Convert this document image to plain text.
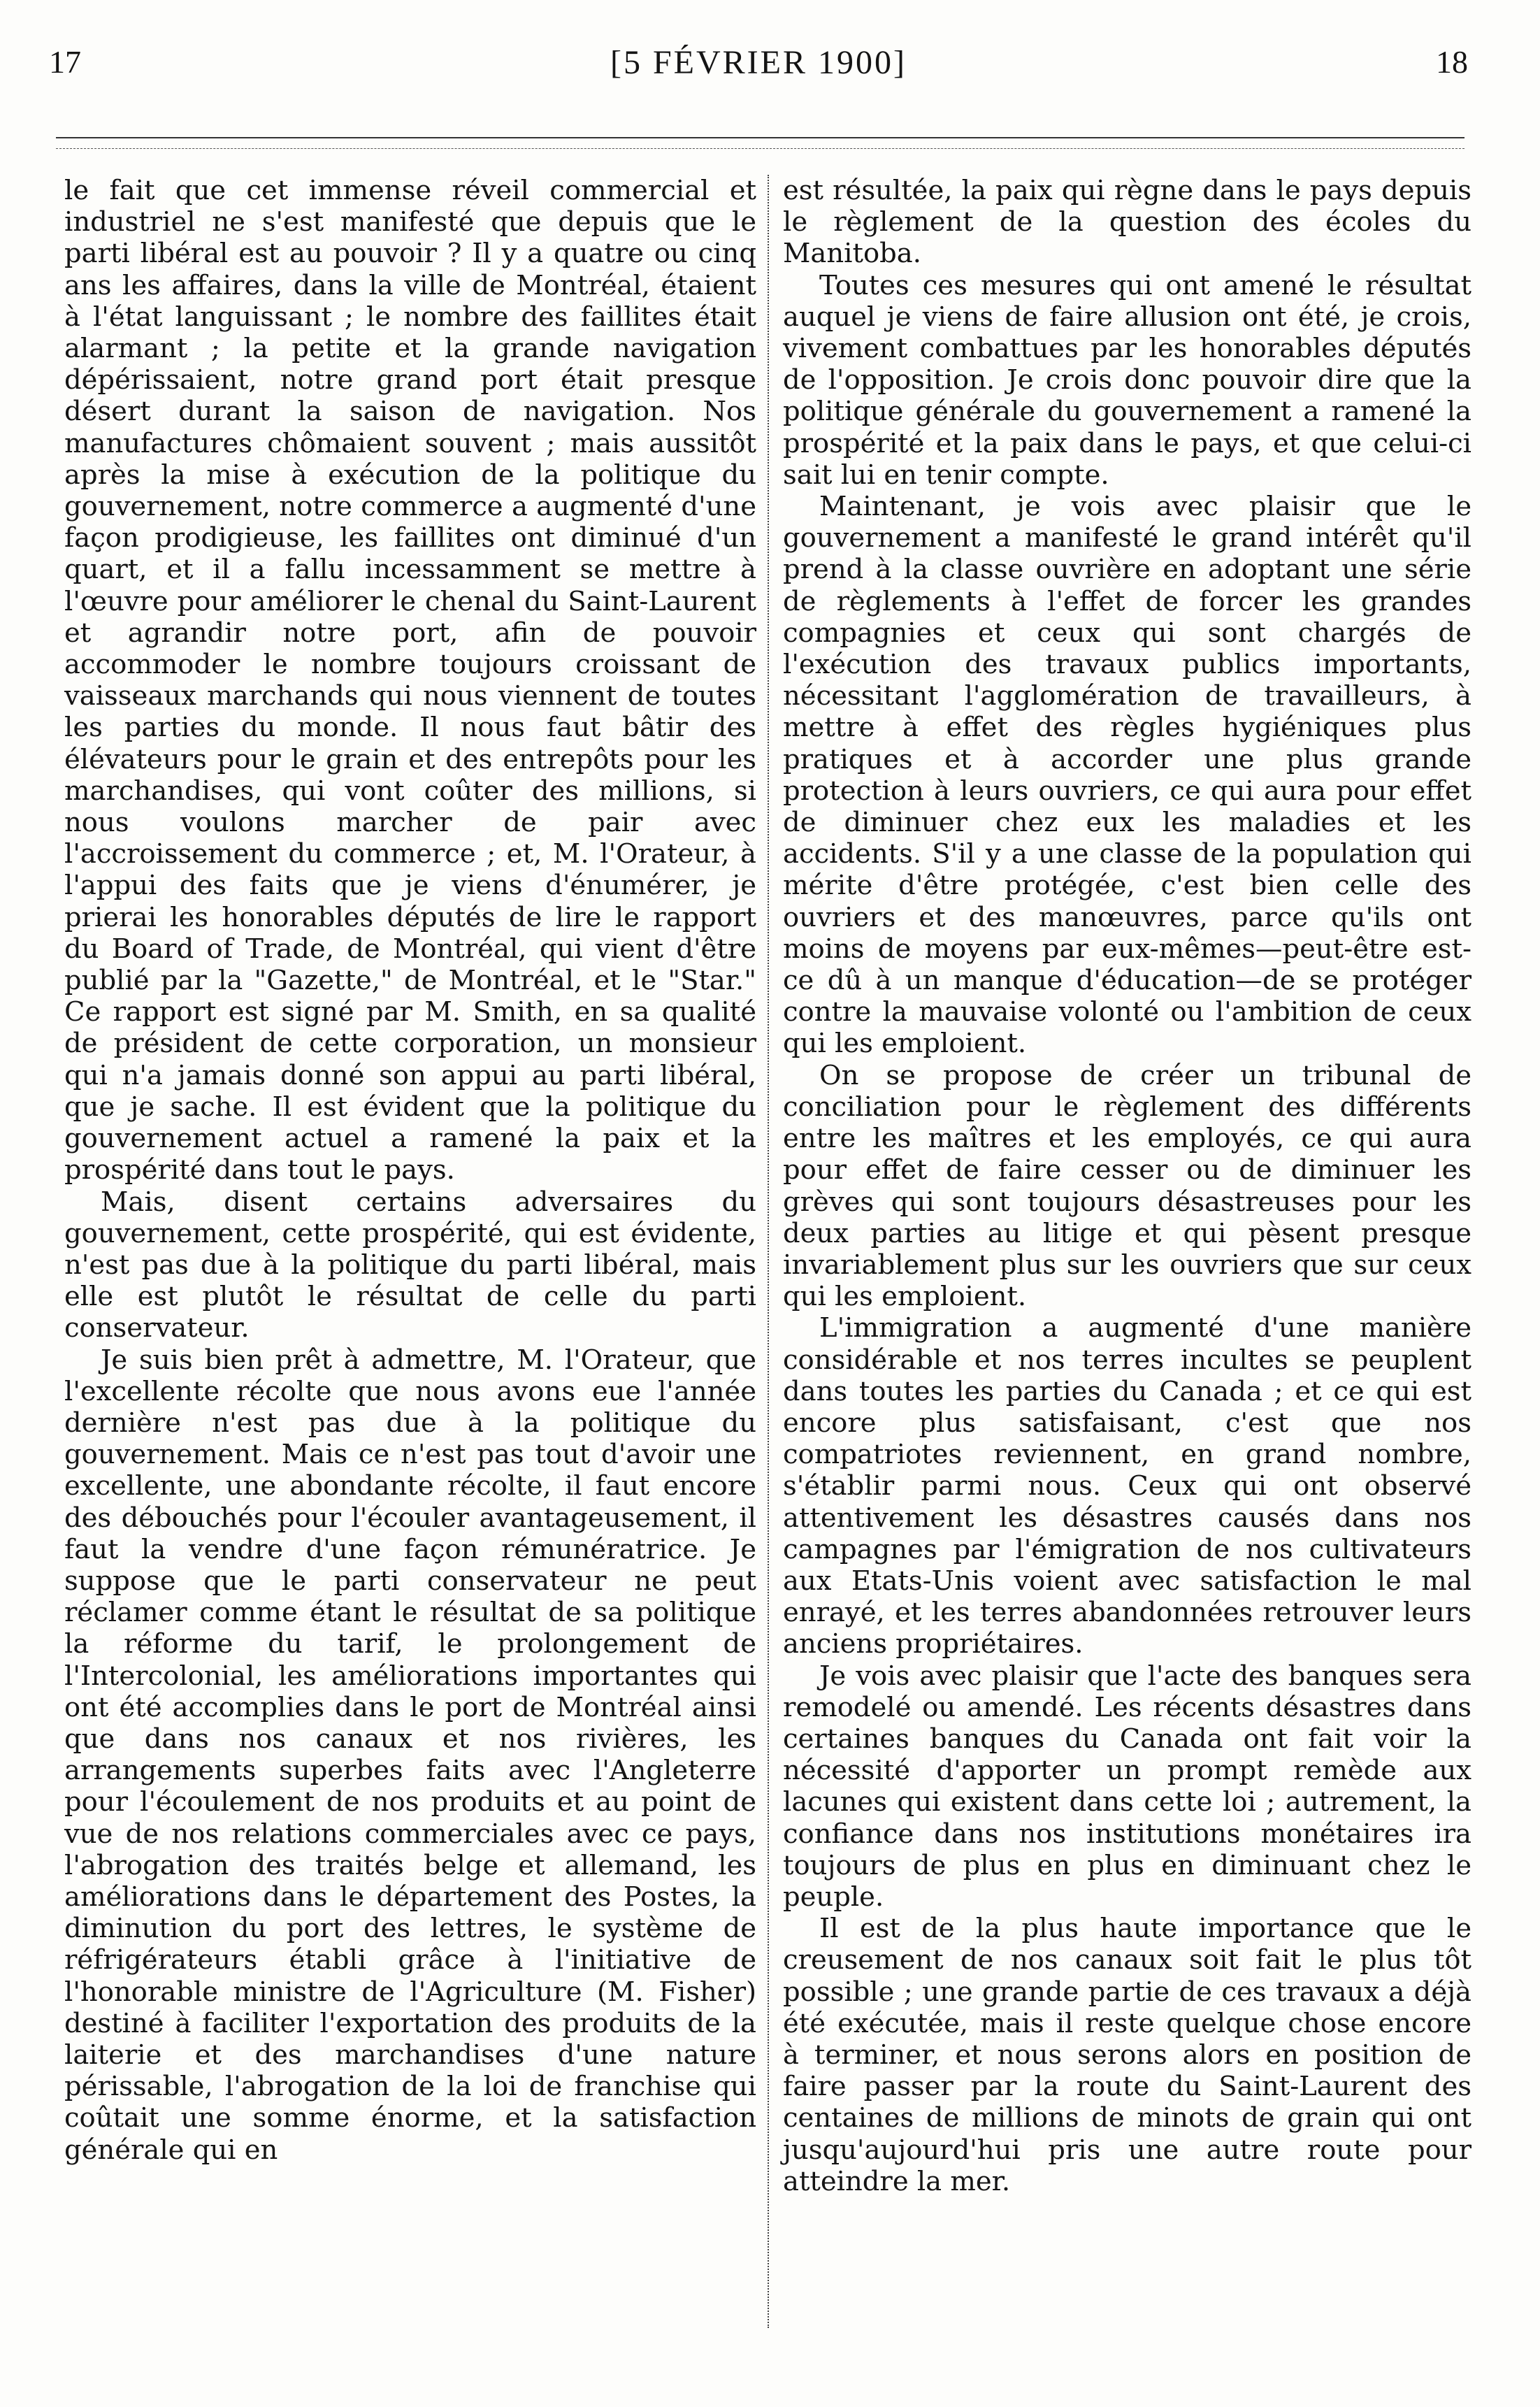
17	[5 FÉVRIER 1900]	18

le fait que cet immense réveil commercial et industriel ne s'est manifesté que depuis que le parti libéral est au pouvoir ? Il y a quatre ou cinq ans les affaires, dans la ville de Montréal, étaient à l'état languissant ; le nombre des faillites était alarmant ; la petite et la grande navigation dépérissaient, notre grand port était presque désert durant la saison de navigation. Nos manufactures chômaient souvent ; mais aussitôt après la mise à exécution de la politique du gouvernement, notre commerce a augmenté d'une façon prodigieuse, les faillites ont diminué d'un quart, et il a fallu incessamment se mettre à l'œuvre pour améliorer le chenal du Saint-Laurent et agrandir notre port, afin de pouvoir accommoder le nombre toujours croissant de vaisseaux marchands qui nous viennent de toutes les parties du monde. Il nous faut bâtir des élévateurs pour le grain et des entrepôts pour les marchandises, qui vont coûter des millions, si nous voulons marcher de pair avec l'accroissement du commerce ; et, M. l'Orateur, à l'appui des faits que je viens d'énumérer, je prierai les honorables députés de lire le rapport du Board of Trade, de Montréal, qui vient d'être publié par la "Gazette," de Montréal, et le "Star." Ce rapport est signé par M. Smith, en sa qualité de président de cette corporation, un monsieur qui n'a jamais donné son appui au parti libéral, que je sache. Il est évident que la politique du gouvernement actuel a ramené la paix et la prospérité dans tout le pays.

Mais, disent certains adversaires du gouvernement, cette prospérité, qui est évidente, n'est pas due à la politique du parti libéral, mais elle est plutôt le résultat de celle du parti conservateur.

Je suis bien prêt à admettre, M. l'Orateur, que l'excellente récolte que nous avons eue l'année dernière n'est pas due à la politique du gouvernement. Mais ce n'est pas tout d'avoir une excellente, une abondante récolte, il faut encore des débouchés pour l'écouler avantageusement, il faut la vendre d'une façon rémunératrice. Je suppose que le parti conservateur ne peut réclamer comme étant le résultat de sa politique la réforme du tarif, le prolongement de l'Intercolonial, les améliorations importantes qui ont été accomplies dans le port de Montréal ainsi que dans nos canaux et nos rivières, les arrangements superbes faits avec l'Angleterre pour l'écoulement de nos produits et au point de vue de nos relations commerciales avec ce pays, l'abrogation des traités belge et allemand, les améliorations dans le département des Postes, la diminution du port des lettres, le système de réfrigérateurs établi grâce à l'initiative de l'honorable ministre de l'Agriculture (M. Fisher) destiné à faciliter l'exportation des produits de la laiterie et des marchandises d'une nature périssable, l'abrogation de la loi de franchise qui coûtait une somme énorme, et la satisfaction générale qui en

est résultée, la paix qui règne dans le pays depuis le règlement de la question des écoles du Manitoba.

Toutes ces mesures qui ont amené le résultat auquel je viens de faire allusion ont été, je crois, vivement combattues par les honorables députés de l'opposition. Je crois donc pouvoir dire que la politique générale du gouvernement a ramené la prospérité et la paix dans le pays, et que celui-ci sait lui en tenir compte.

Maintenant, je vois avec plaisir que le gouvernement a manifesté le grand intérêt qu'il prend à la classe ouvrière en adoptant une série de règlements à l'effet de forcer les grandes compagnies et ceux qui sont chargés de l'exécution des travaux publics importants, nécessitant l'agglomération de travailleurs, à mettre à effet des règles hygiéniques plus pratiques et à accorder une plus grande protection à leurs ouvriers, ce qui aura pour effet de diminuer chez eux les maladies et les accidents. S'il y a une classe de la population qui mérite d'être protégée, c'est bien celle des ouvriers et des manœuvres, parce qu'ils ont moins de moyens par eux-mêmes—peut-être est-ce dû à un manque d'éducation—de se protéger contre la mauvaise volonté ou l'ambition de ceux qui les emploient.

On se propose de créer un tribunal de conciliation pour le règlement des différents entre les maîtres et les employés, ce qui aura pour effet de faire cesser ou de diminuer les grèves qui sont toujours désastreuses pour les deux parties au litige et qui pèsent presque invariablement plus sur les ouvriers que sur ceux qui les emploient.

L'immigration a augmenté d'une manière considérable et nos terres incultes se peuplent dans toutes les parties du Canada ; et ce qui est encore plus satisfaisant, c'est que nos compatriotes reviennent, en grand nombre, s'établir parmi nous. Ceux qui ont observé attentivement les désastres causés dans nos campagnes par l'émigration de nos cultivateurs aux Etats-Unis voient avec satisfaction le mal enrayé, et les terres abandonnées retrouver leurs anciens propriétaires.

Je vois avec plaisir que l'acte des banques sera remodelé ou amendé. Les récents désastres dans certaines banques du Canada ont fait voir la nécessité d'apporter un prompt remède aux lacunes qui existent dans cette loi ; autrement, la confiance dans nos institutions monétaires ira toujours de plus en plus en diminuant chez le peuple.

Il est de la plus haute importance que le creusement de nos canaux soit fait le plus tôt possible ; une grande partie de ces travaux a déjà été exécutée, mais il reste quelque chose encore à terminer, et nous serons alors en position de faire passer par la route du Saint-Laurent des centaines de millions de minots de grain qui ont jusqu'aujourd'hui pris une autre route pour atteindre la mer.
